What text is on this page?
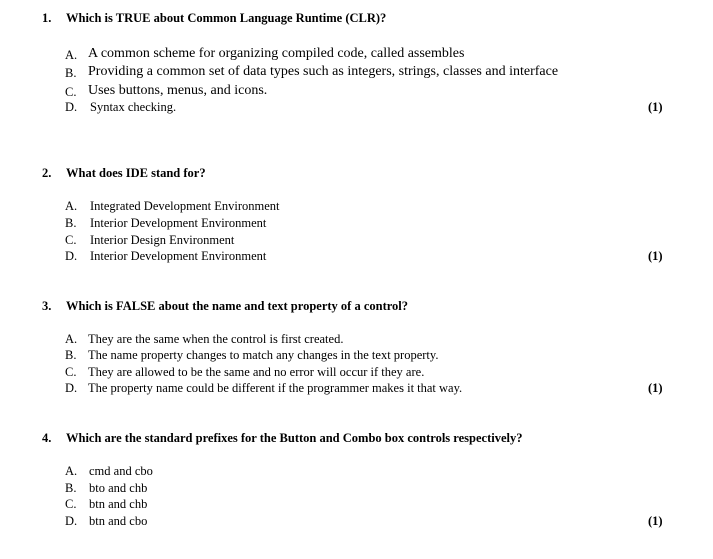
1. Which is TRUE about Common Language Runtime (CLR)?
A. A common scheme for organizing compiled code, called assembles
B. Providing a common set of data types such as integers, strings, classes and interface
C. Uses buttons, menus, and icons.
D. Syntax checking.	(1)
2. What does IDE stand for?
A. Integrated Development Environment
B. Interior Development Environment
C. Interior Design Environment
D. Interior Development Environment	(1)
3. Which is FALSE about the name and text property of a control?
A. They are the same when the control is first created.
B. The name property changes to match any changes in the text property.
C. They are allowed to be the same and no error will occur if they are.
D. The property name could be different if the programmer makes it that way.	(1)
4. Which are the standard prefixes for the Button and Combo box controls respectively?
A. cmd and cbo
B. bto and chb
C. btn and chb
D. btn and cbo	(1)
